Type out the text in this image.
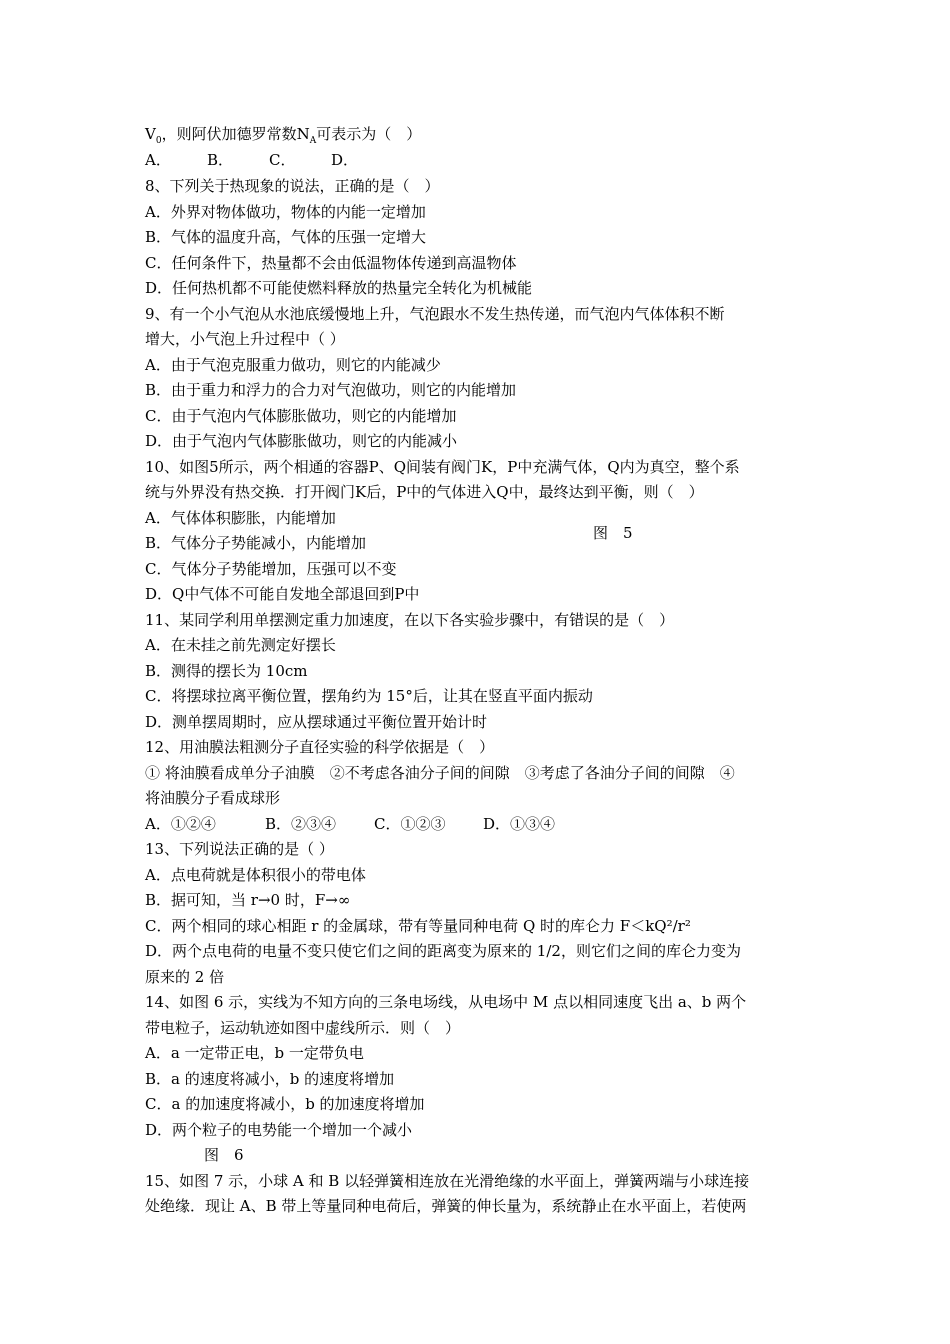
$V_0$，则阿伏加德罗常数$N_A$可表示为（　）
A． B． C． D．
8、下列关于热现象的说法，正确的是（　）
A．外界对物体做功，物体的内能一定增加
B．气体的温度升高，气体的压强一定增大
C．任何条件下，热量都不会由低温物体传递到高温物体
D．任何热机都不可能使燃料释放的热量完全转化为机械能
9、有一个小气泡从水池底缓慢地上升，气泡跟水不发生热传递，而气泡内气体体积不断
增大，小气泡上升过程中（ ）
A．由于气泡克服重力做功，则它的内能减少
B．由于重力和浮力的合力对气泡做功，则它的内能增加
C．由于气泡内气体膨胀做功，则它的内能增加
D．由于气泡内气体膨胀做功，则它的内能减小
10、如图5所示，两个相通的容器P、Q间装有阀门K，P中充满气体，Q内为真空，整个系
统与外界没有热交换．打开阀门K后，P中的气体进入Q中，最终达到平衡，则（　）
A．气体体积膨胀，内能增加
图　5
B．气体分子势能减小，内能增加
C．气体分子势能增加，压强可以不变
D．Q中气体不可能自发地全部退回到P中
11、某同学利用单摆测定重力加速度，在以下各实验步骤中，有错误的是（　）
A．在未挂之前先测定好摆长
B．测得的摆长为 10cm
C．将摆球拉离平衡位置，摆角约为 15°后，让其在竖直平面内振动
D．测单摆周期时，应从摆球通过平衡位置开始计时
12、用油膜法粗测分子直径实验的科学依据是（　）
① 将油膜看成单分子油膜　②不考虑各油分子间的间隙　③考虑了各油分子间的间隙　④
将油膜分子看成球形
A．①②④	B．②③④	C．①②③	D．①③④
13、下列说法正确的是（ ）
A．点电荷就是体积很小的带电体
B．据可知，当 r→0 时，F→∞
C．两个相同的球心相距 r 的金属球，带有等量同种电荷 Q 时的库仑力 F＜kQ²/r²
D．两个点电荷的电量不变只使它们之间的距离变为原来的 1/2，则它们之间的库仑力变为
原来的 2 倍
14、如图 6 示，实线为不知方向的三条电场线，从电场中 M 点以相同速度飞出 a、b 两个
带电粒子，运动轨迹如图中虚线所示．则（　）
A．a 一定带正电，b 一定带负电
B．a 的速度将减小，b 的速度将增加
C．a 的加速度将减小，b 的加速度将增加
D．两个粒子的电势能一个增加一个减小
图　6
15、如图 7 示，小球 A 和 B 以轻弹簧相连放在光滑绝缘的水平面上，弹簧两端与小球连接
处绝缘．现让 A、B 带上等量同种电荷后，弹簧的伸长量为，系统静止在水平面上，若使两
